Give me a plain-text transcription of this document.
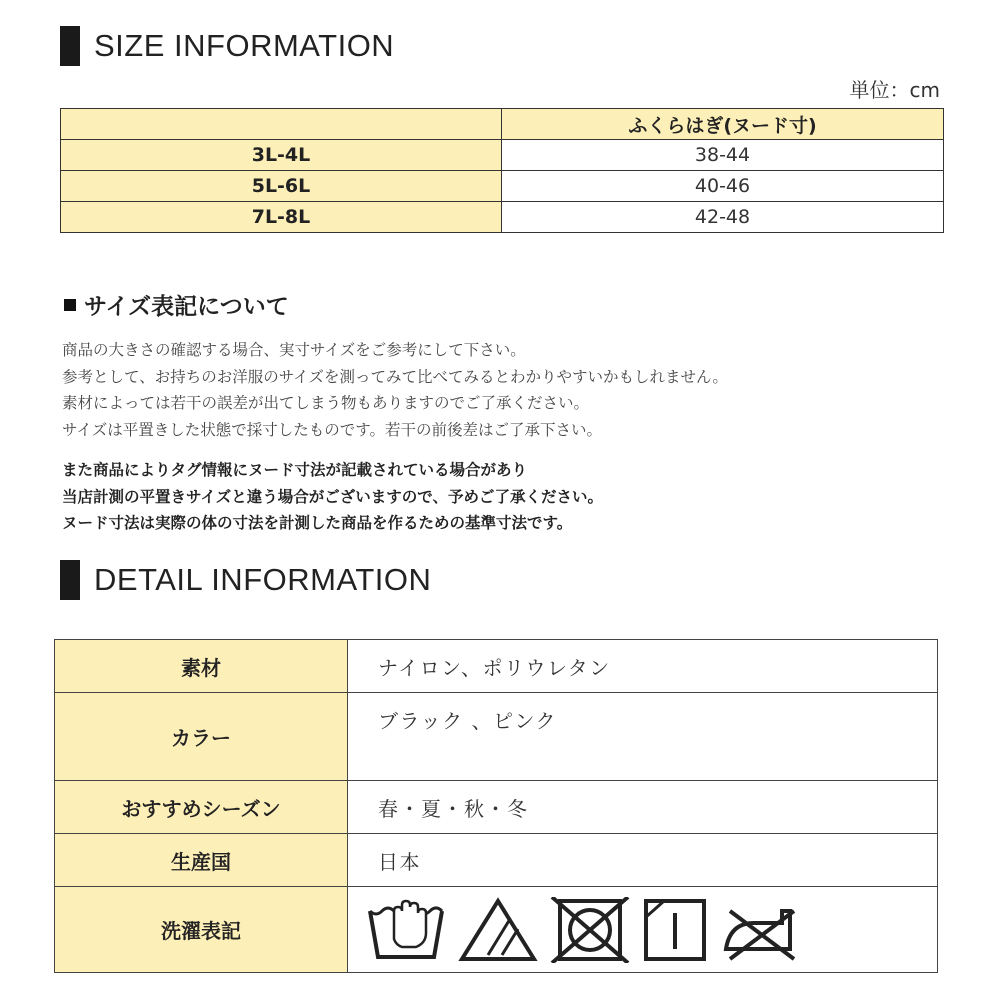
SIZE INFORMATION
単位：cm
	ふくらはぎ(ヌード寸)
3L-4L	38-44
5L-6L	40-46
7L-8L	42-48
サイズ表記について
商品の大きさの確認する場合、実寸サイズをご参考にして下さい。
参考として、お持ちのお洋服のサイズを測ってみて比べてみるとわかりやすいかもしれません。
素材によっては若干の誤差が出てしまう物もありますのでご了承ください。
サイズは平置きした状態で採寸したものです。若干の前後差はご了承下さい。
また商品によりタグ情報にヌード寸法が記載されている場合があり
当店計測の平置きサイズと違う場合がございますので、予めご了承ください。
ヌード寸法は実際の体の寸法を計測した商品を作るための基準寸法です。
DETAIL INFORMATION
素材	ナイロン、ポリウレタン
カラー	ブラック 、ピンク
おすすめシーズン	春・夏・秋・冬
生産国	日本
洗濯表記	
